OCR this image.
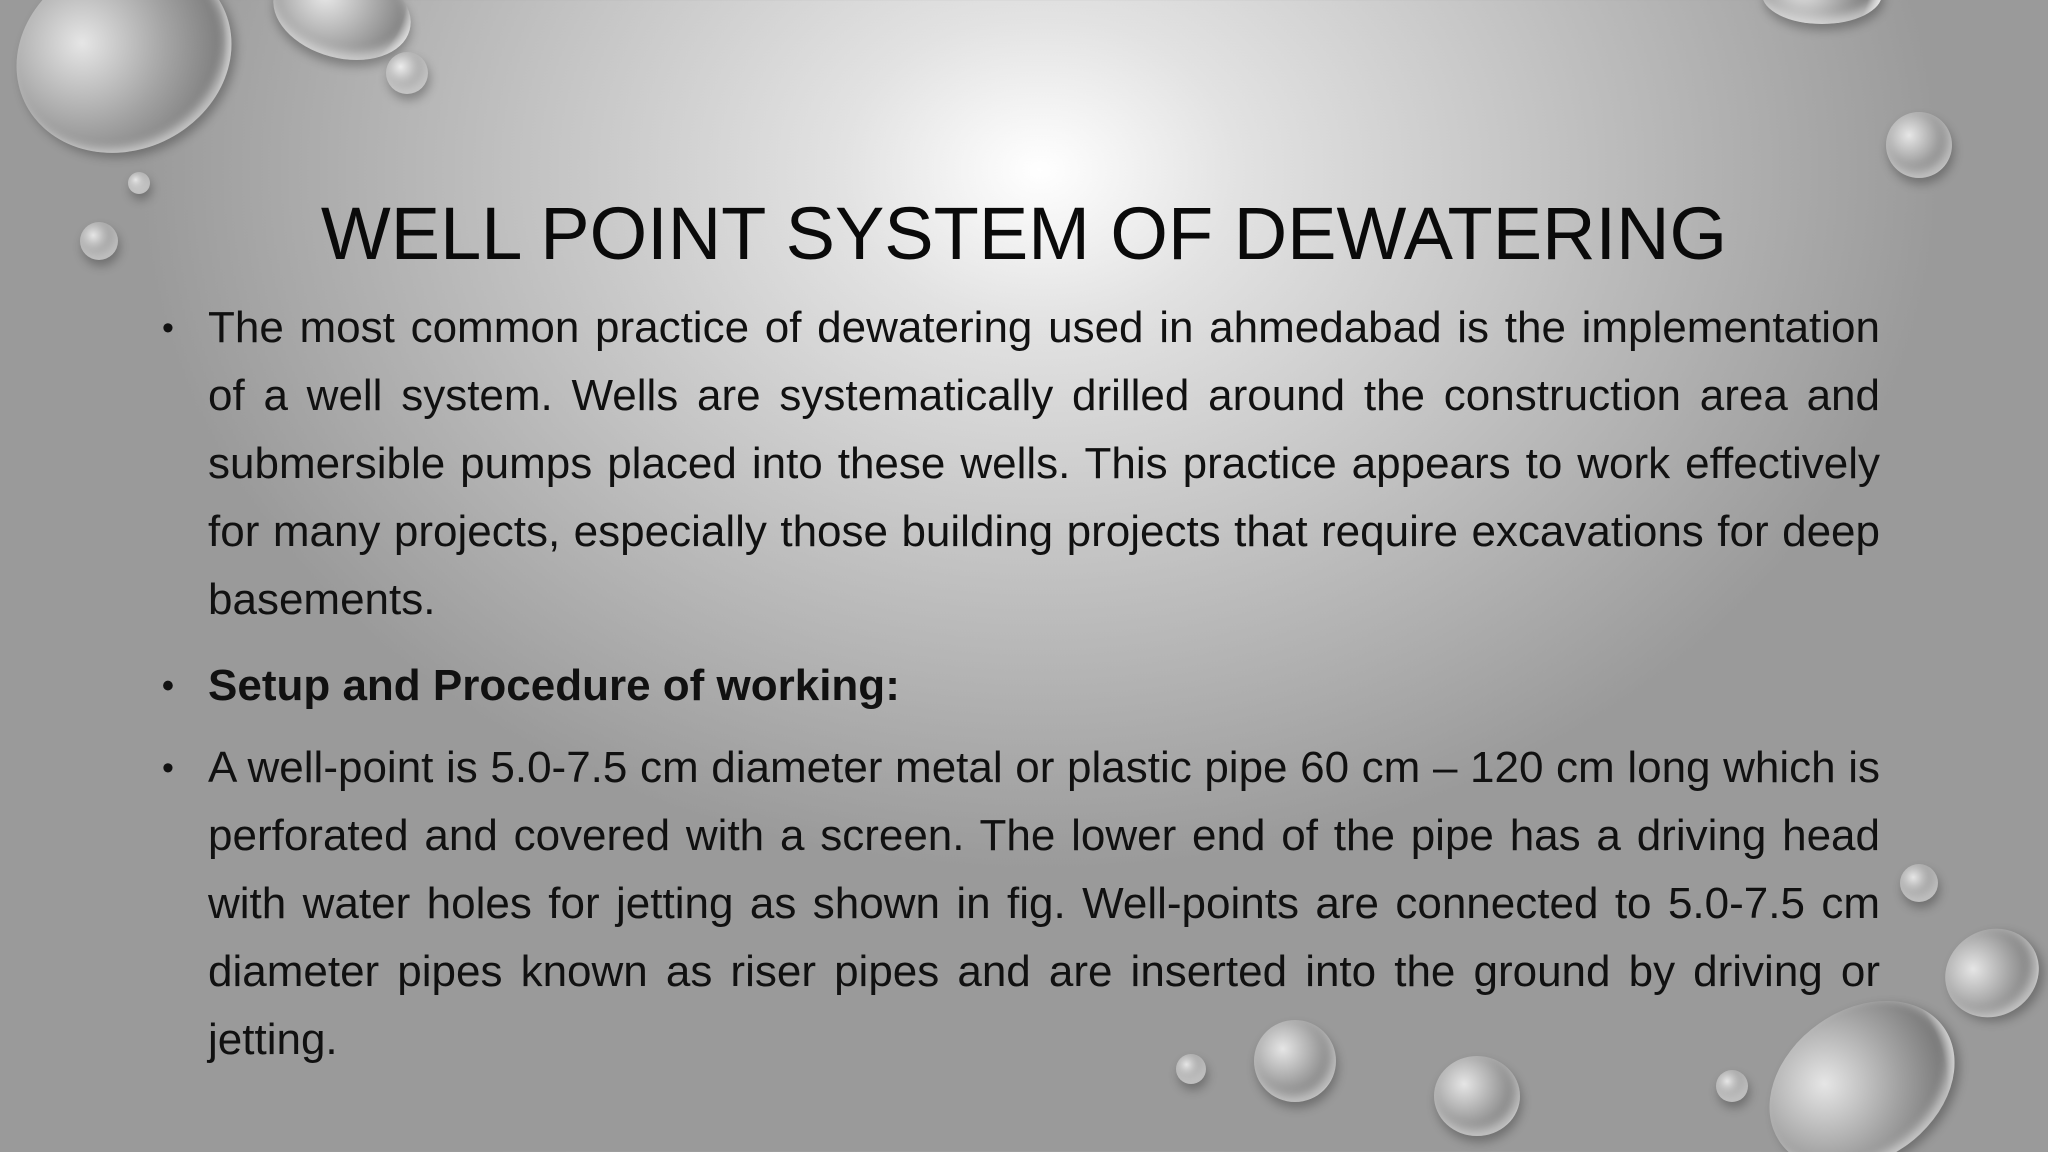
WELL POINT SYSTEM OF DEWATERING
• The most common practice of dewatering used in ahmedabad is the implementation of a well system. Wells are systematically drilled around the construction area and submersible pumps placed into these wells. This practice appears to work effectively for many projects, especially those building projects that require excavations for deep basements.
• Setup and Procedure of working:
• A well-point is 5.0-7.5 cm diameter metal or plastic pipe 60 cm – 120 cm long which is perforated and covered with a screen. The lower end of the pipe has a driving head with water holes for jetting as shown in fig. Well-points are connected to 5.0-7.5 cm diameter pipes known as riser pipes and are inserted into the ground by driving or jetting.
